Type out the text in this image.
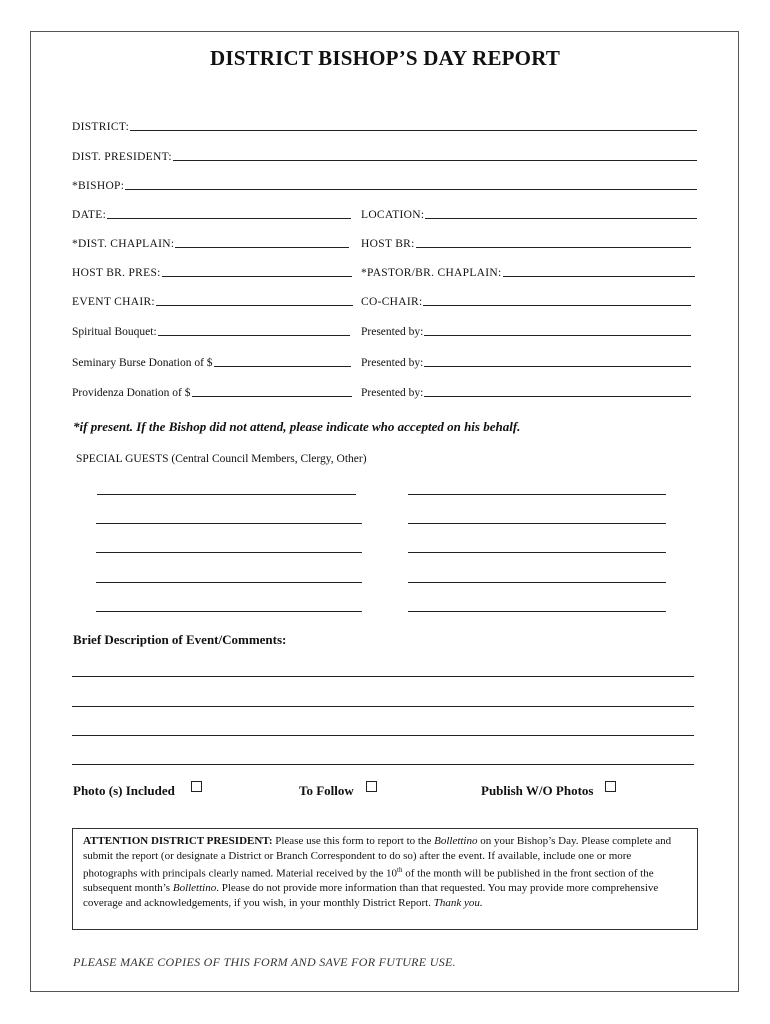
DISTRICT BISHOP’S DAY REPORT
DISTRICT:
DIST. PRESIDENT:
*BISHOP:
DATE:	LOCATION:
*DIST. CHAPLAIN:	HOST BR:
HOST BR. PRES:	*PASTOR/BR. CHAPLAIN:
EVENT CHAIR:	CO-CHAIR:
Spiritual Bouquet:	Presented by:
Seminary Burse Donation of $	Presented by:
Providenza Donation of $	Presented by:
*if present. If the Bishop did not attend, please indicate who accepted on his behalf.
SPECIAL GUESTS (Central Council Members, Clergy, Other)
Brief Description of Event/Comments:
Photo (s) Included	To Follow	Publish W/O Photos
ATTENTION DISTRICT PRESIDENT: Please use this form to report to the Bollettino on your Bishop’s Day. Please complete and submit the report (or designate a District or Branch Correspondent to do so) after the event. If available, include one or more photographs with principals clearly named. Material received by the 10th of the month will be published in the front section of the subsequent month’s Bollettino. Please do not provide more information than that requested. You may provide more comprehensive coverage and acknowledgements, if you wish, in your monthly District Report. Thank you.
PLEASE MAKE COPIES OF THIS FORM AND SAVE FOR FUTURE USE.
